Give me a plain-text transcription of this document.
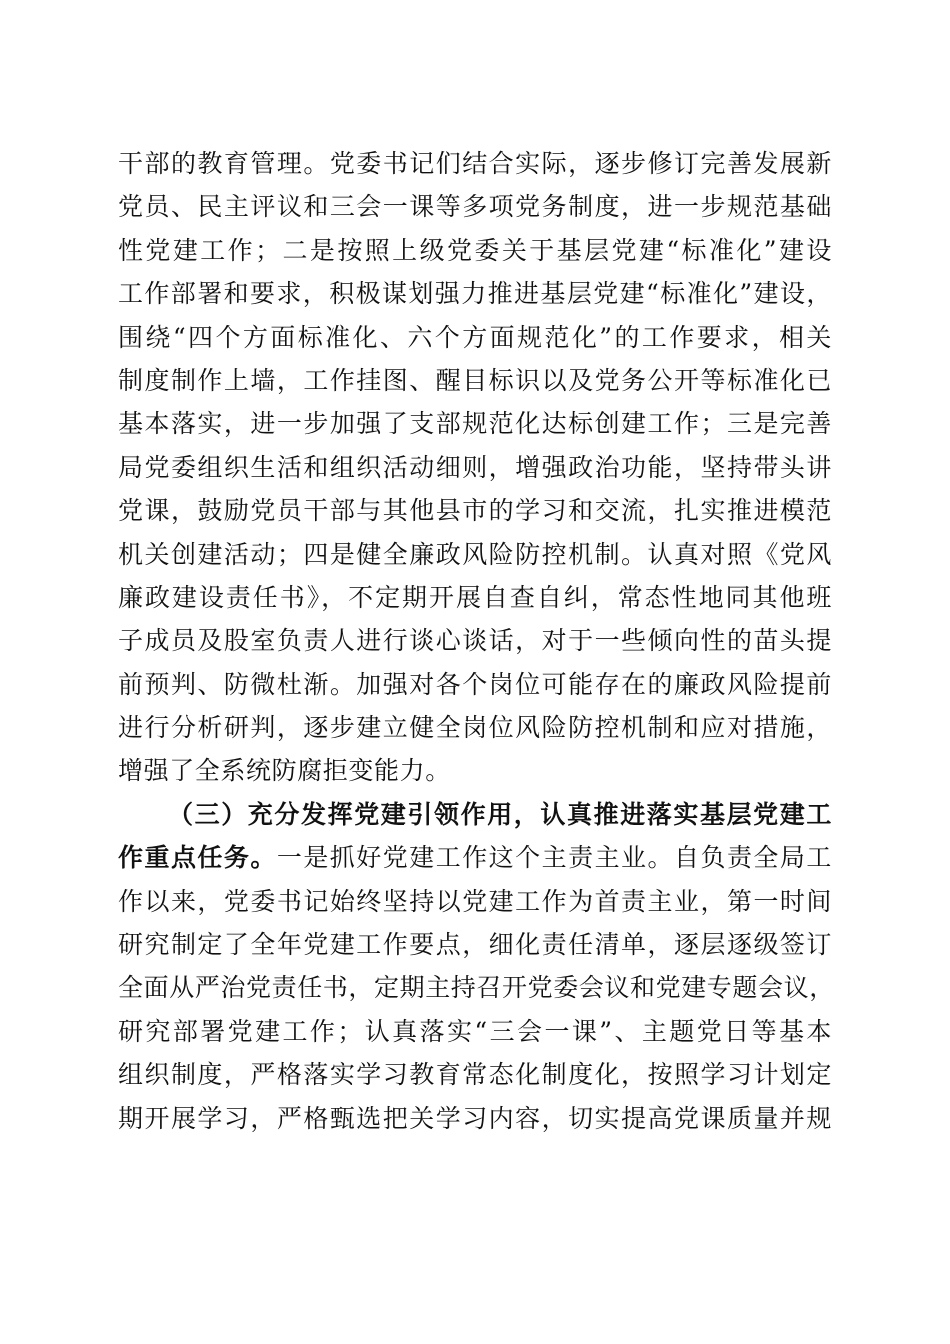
干部的教育管理。党委书记们结合实际，逐步修订完善发展新
党员、民主评议和三会一课等多项党务制度，进一步规范基础
性党建工作；二是按照上级党委关于基层党建“标准化”建设
工作部署和要求，积极谋划强力推进基层党建“标准化”建设，
围绕“四个方面标准化、六个方面规范化”的工作要求，相关
制度制作上墙，工作挂图、醒目标识以及党务公开等标准化已
基本落实，进一步加强了支部规范化达标创建工作；三是完善
局党委组织生活和组织活动细则，增强政治功能，坚持带头讲
党课，鼓励党员干部与其他县市的学习和交流，扎实推进模范
机关创建活动；四是健全廉政风险防控机制。认真对照《党风
廉政建设责任书》，不定期开展自查自纠，常态性地同其他班
子成员及股室负责人进行谈心谈话，对于一些倾向性的苗头提
前预判、防微杜渐。加强对各个岗位可能存在的廉政风险提前
进行分析研判，逐步建立健全岗位风险防控机制和应对措施，
增强了全系统防腐拒变能力。
（三）充分发挥党建引领作用，认真推进落实基层党建工
作重点任务。一是抓好党建工作这个主责主业。自负责全局工
作以来，党委书记始终坚持以党建工作为首责主业，第一时间
研究制定了全年党建工作要点，细化责任清单，逐层逐级签订
全面从严治党责任书，定期主持召开党委会议和党建专题会议，
研究部署党建工作；认真落实“三会一课”、主题党日等基本
组织制度，严格落实学习教育常态化制度化，按照学习计划定
期开展学习，严格甄选把关学习内容，切实提高党课质量并规
